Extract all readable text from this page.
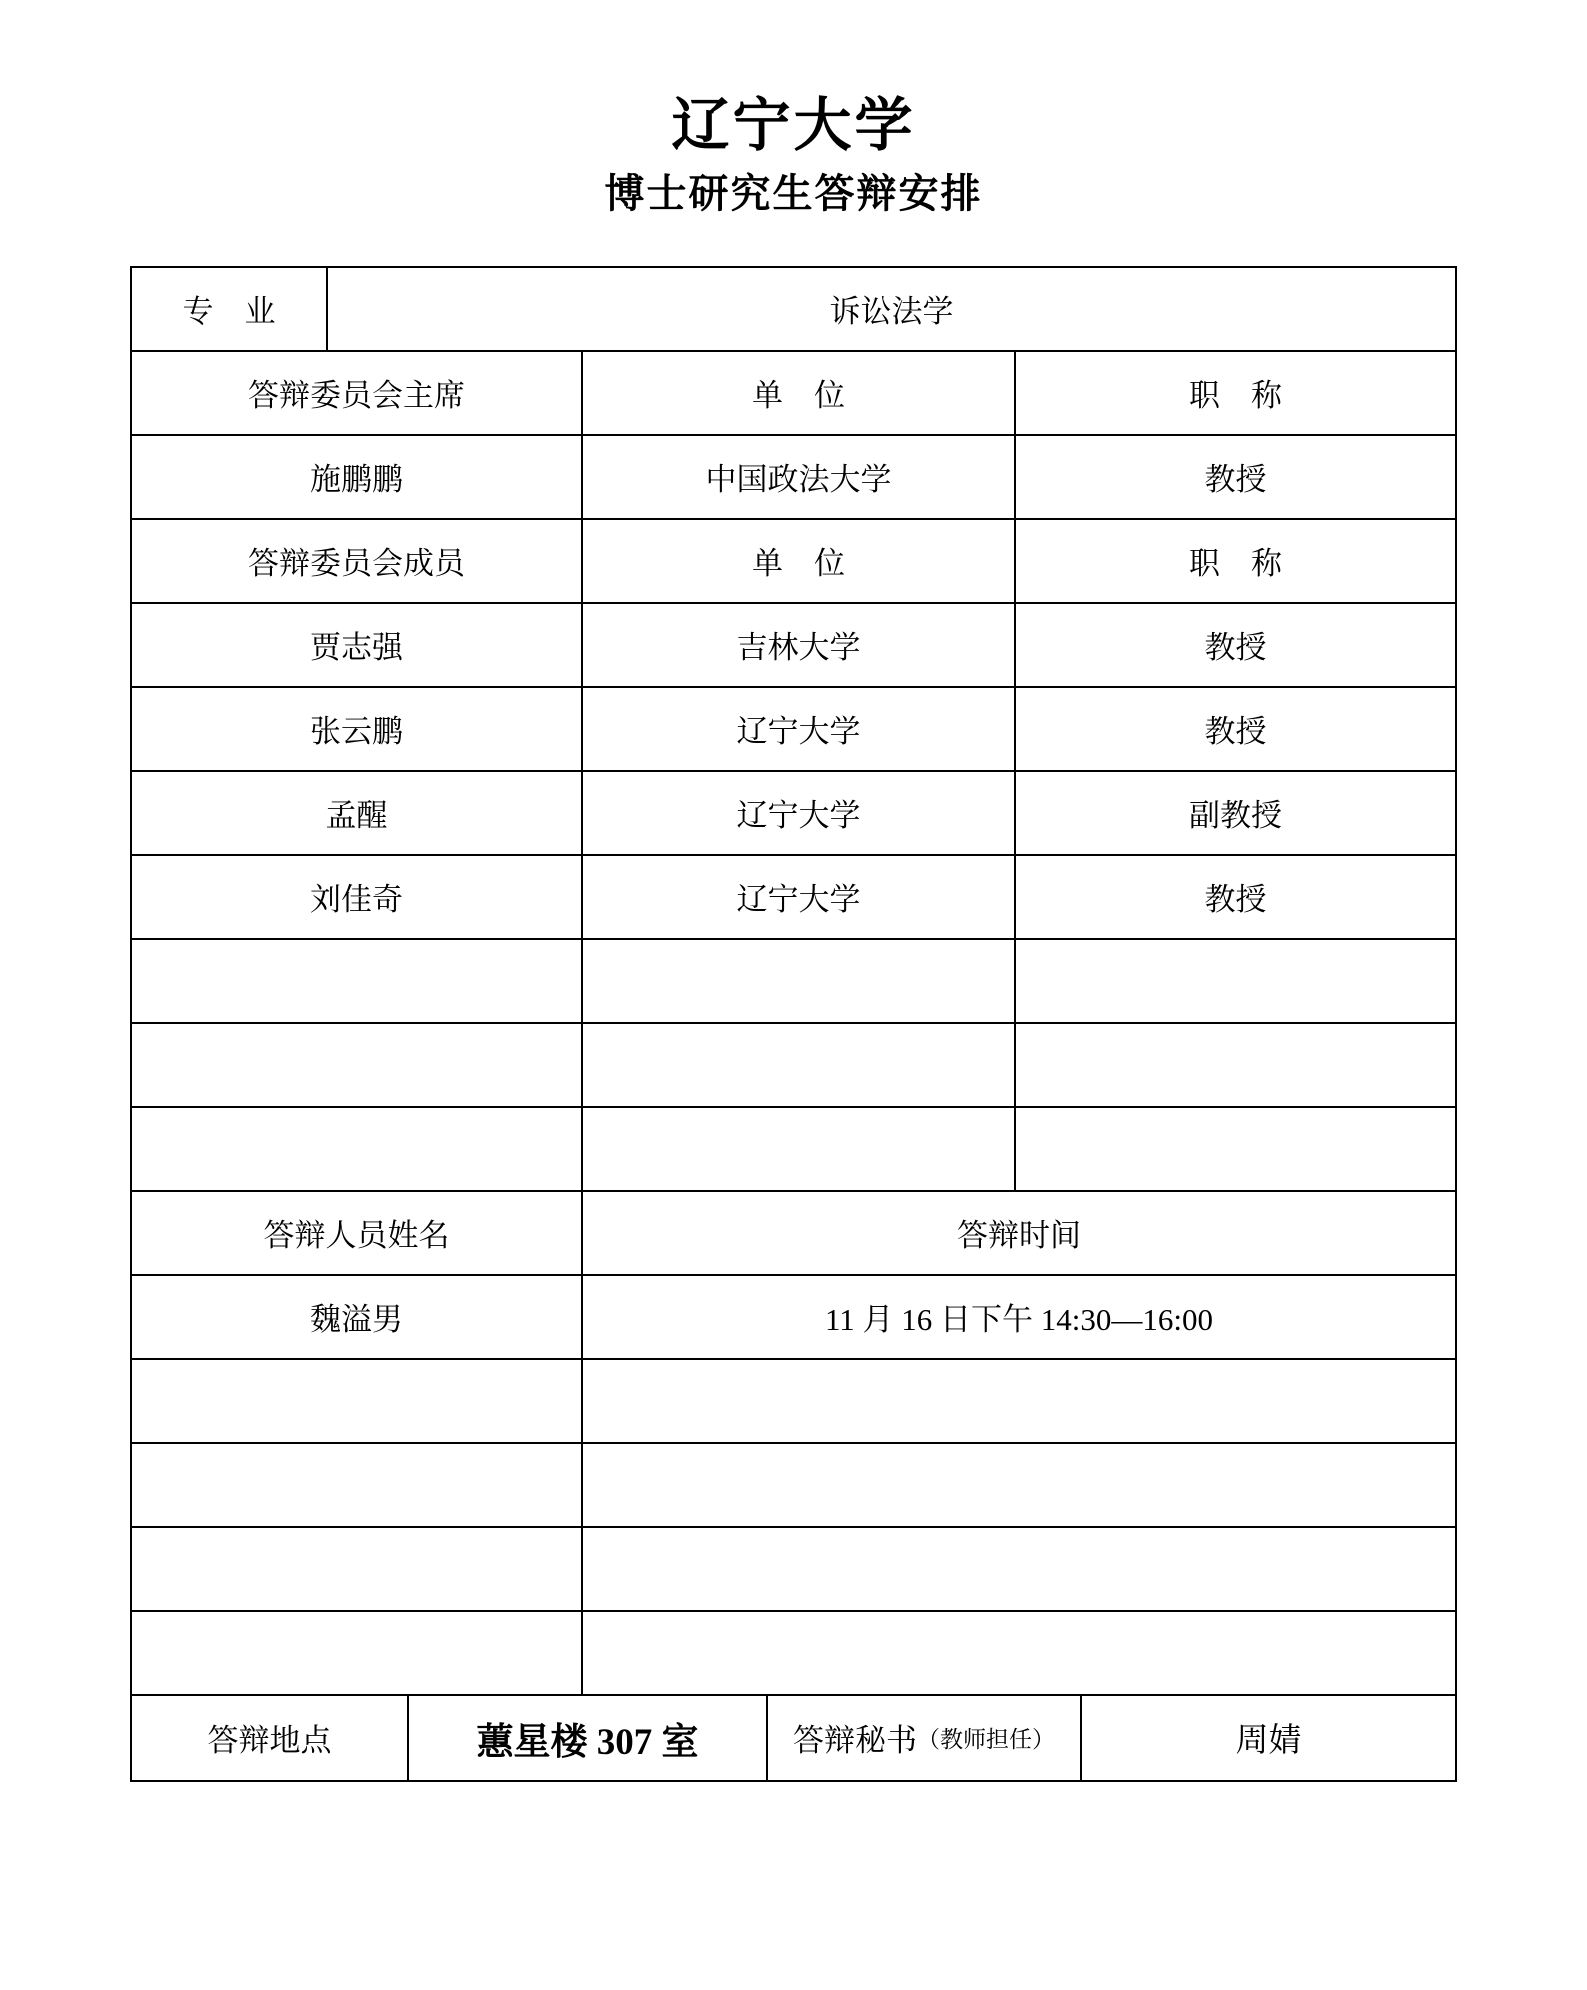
辽宁大学
博士研究生答辩安排
专　业	诉讼法学
答辩委员会主席	单　位	职　称
施鹏鹏	中国政法大学	教授
答辩委员会成员	单　位	职　称
贾志强	吉林大学	教授
张云鹏	辽宁大学	教授
孟醒	辽宁大学	副教授
刘佳奇	辽宁大学	教授
答辩人员姓名	答辩时间
魏溢男	11 月 16 日下午 14:30—16:00
答辩地点	蕙星楼 307 室	答辩秘书 （教师担任）	周婧
